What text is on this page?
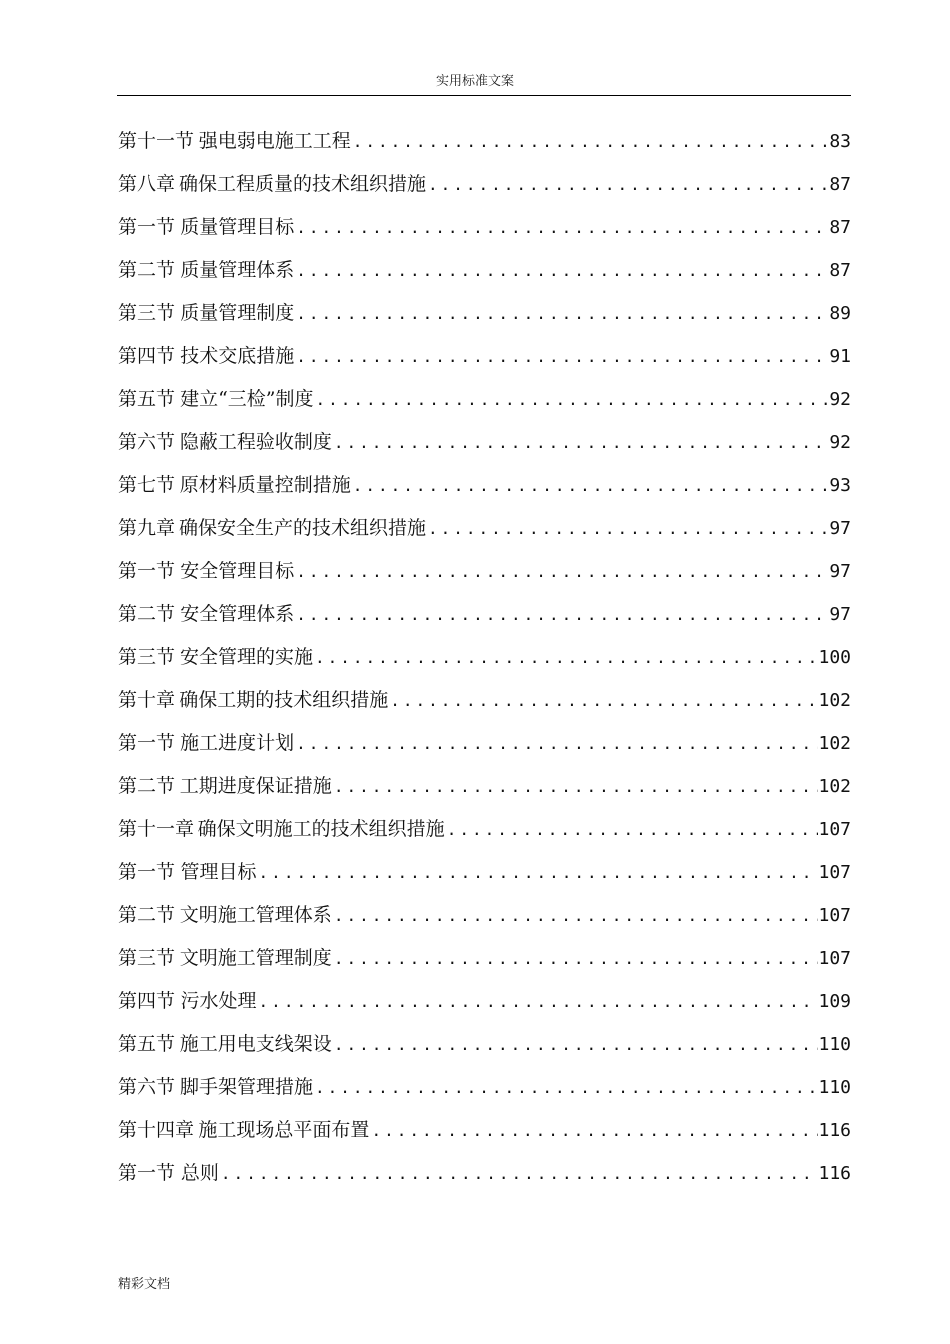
实用标准文案
第十一节 强电弱电施工工程 .....	83
第八章 确保工程质量的技术组织措施 .....	87
第一节 质量管理目标 .....	87
第二节 质量管理体系 .....	87
第三节 质量管理制度 .....	89
第四节 技术交底措施 .....	91
第五节 建立“三检”制度 .....	92
第六节 隐蔽工程验收制度 .....	92
第七节 原材料质量控制措施 .....	93
第九章 确保安全生产的技术组织措施 .....	97
第一节 安全管理目标 .....	97
第二节 安全管理体系 .....	97
第三节 安全管理的实施 .....	100
第十章 确保工期的技术组织措施 .....	102
第一节 施工进度计划 .....	102
第二节 工期进度保证措施 .....	102
第十一章 确保文明施工的技术组织措施 .....	107
第一节 管理目标 .....	107
第二节 文明施工管理体系 .....	107
第三节 文明施工管理制度 .....	107
第四节 污水处理 .....	109
第五节 施工用电支线架设 .....	110
第六节 脚手架管理措施 .....	110
第十四章 施工现场总平面布置 .....	116
第一节 总则 .....	116
精彩文档
